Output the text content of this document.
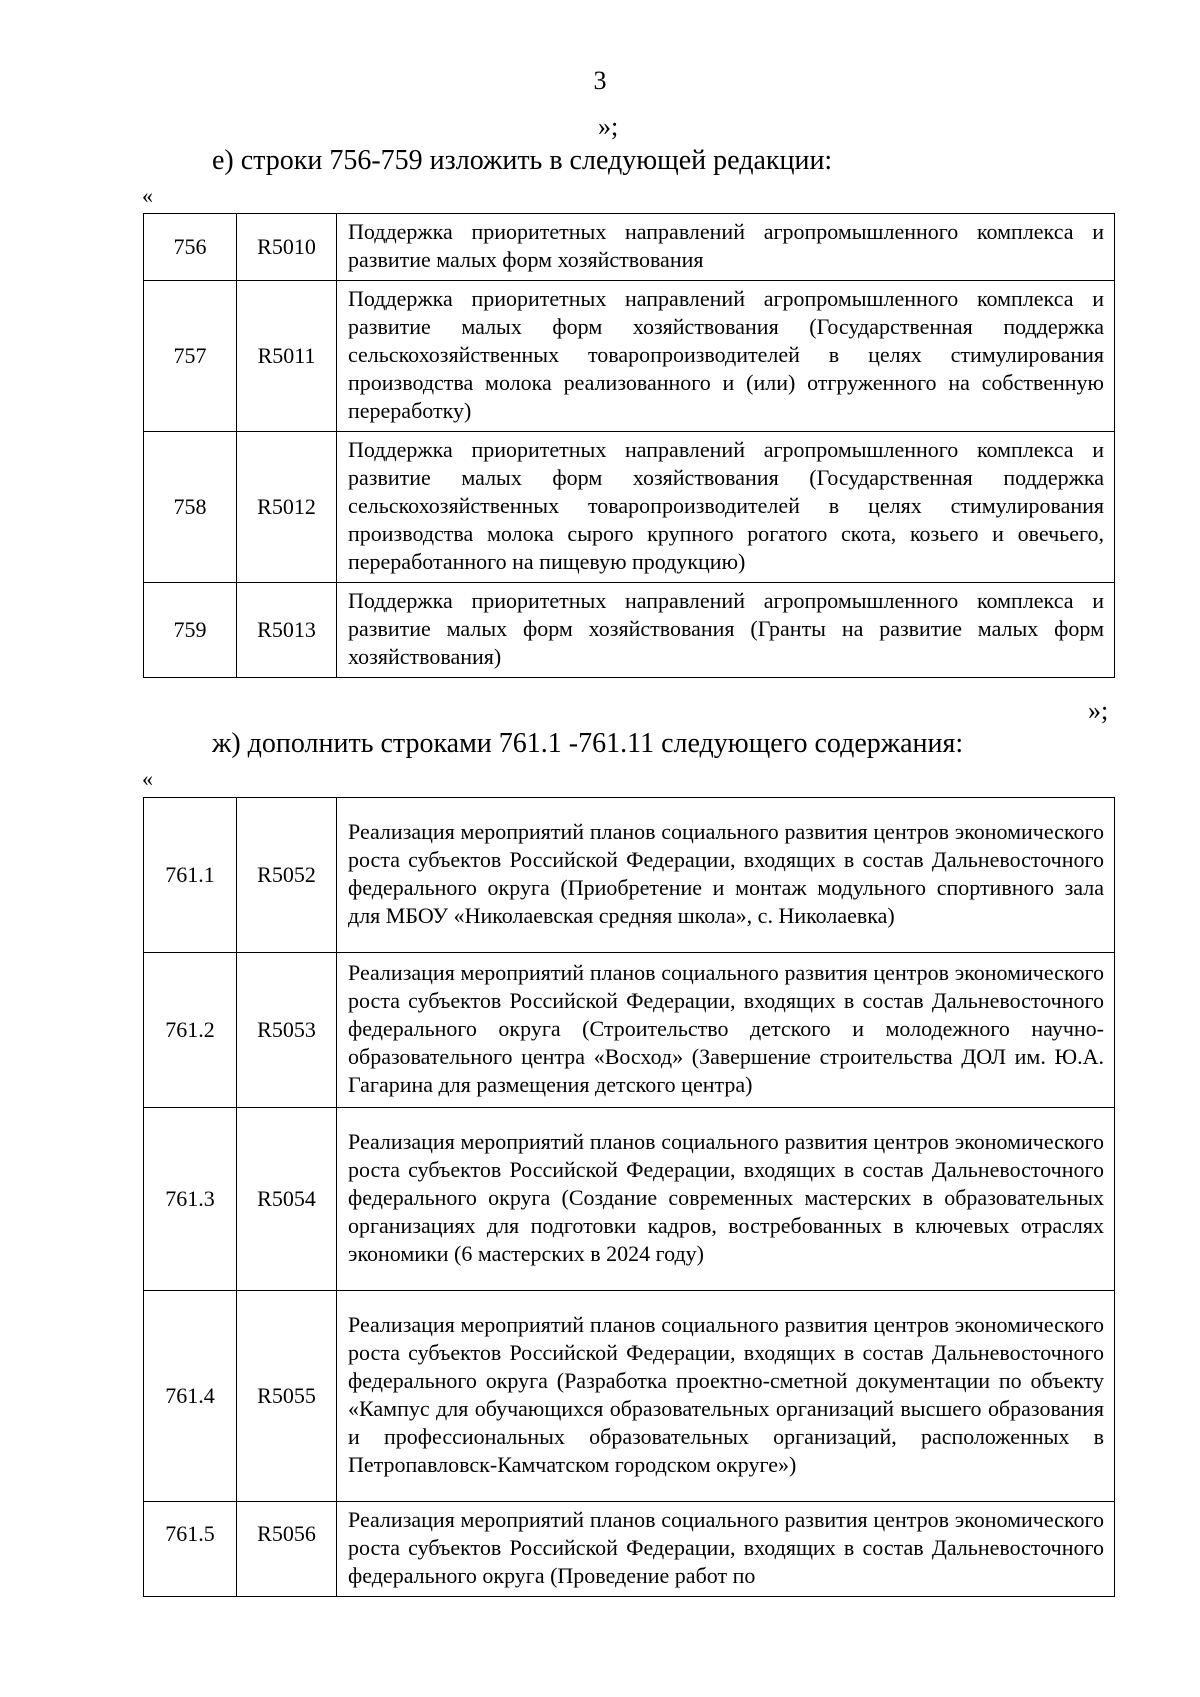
3
»;
е) строки 756-759 изложить в следующей редакции:
«
756	R5010	Поддержка приоритетных направлений агропромышленного комплекса и развитие малых форм хозяйствования
757	R5011	Поддержка приоритетных направлений агропромышленного комплекса и развитие малых форм хозяйствования (Государственная поддержка сельскохозяйственных товаропроизводителей в целях стимулирования производства молока реализованного и (или) отгруженного на собственную переработку)
758	R5012	Поддержка приоритетных направлений агропромышленного комплекса и развитие малых форм хозяйствования (Государственная поддержка сельскохозяйственных товаропроизводителей в целях стимулирования производства молока сырого крупного рогатого скота, козьего и овечьего, переработанного на пищевую продукцию)
759	R5013	Поддержка приоритетных направлений агропромышленного комплекса и развитие малых форм хозяйствования (Гранты на развитие малых форм хозяйствования)
»;
ж) дополнить строками 761.1 -761.11 следующего содержания:
«
761.1	R5052	Реализация мероприятий планов социального развития центров экономического роста субъектов Российской Федерации, входящих в состав Дальневосточного федерального округа (Приобретение и монтаж модульного спортивного зала для МБОУ «Николаевская средняя школа», с. Николаевка)
761.2	R5053	Реализация мероприятий планов социального развития центров экономического роста субъектов Российской Федерации, входящих в состав Дальневосточного федерального округа (Строительство детского и молодежного научно-образовательного центра «Восход» (Завершение строительства ДОЛ им. Ю.А. Гагарина для размещения детского центра)
761.3	R5054	Реализация мероприятий планов социального развития центров экономического роста субъектов Российской Федерации, входящих в состав Дальневосточного федерального округа (Создание современных мастерских в образовательных организациях для подготовки кадров, востребованных в ключевых отраслях экономики (6 мастерских в 2024 году)
761.4	R5055	Реализация мероприятий планов социального развития центров экономического роста субъектов Российской Федерации, входящих в состав Дальневосточного федерального округа (Разработка проектно-сметной документации по объекту «Кампус для обучающихся образовательных организаций высшего образования и профессиональных образовательных организаций, расположенных в Петропавловск-Камчатском городском округе»)
761.5	R5056	Реализация мероприятий планов социального развития центров экономического роста субъектов Российской Федерации, входящих в состав Дальневосточного федерального округа (Проведение работ по
